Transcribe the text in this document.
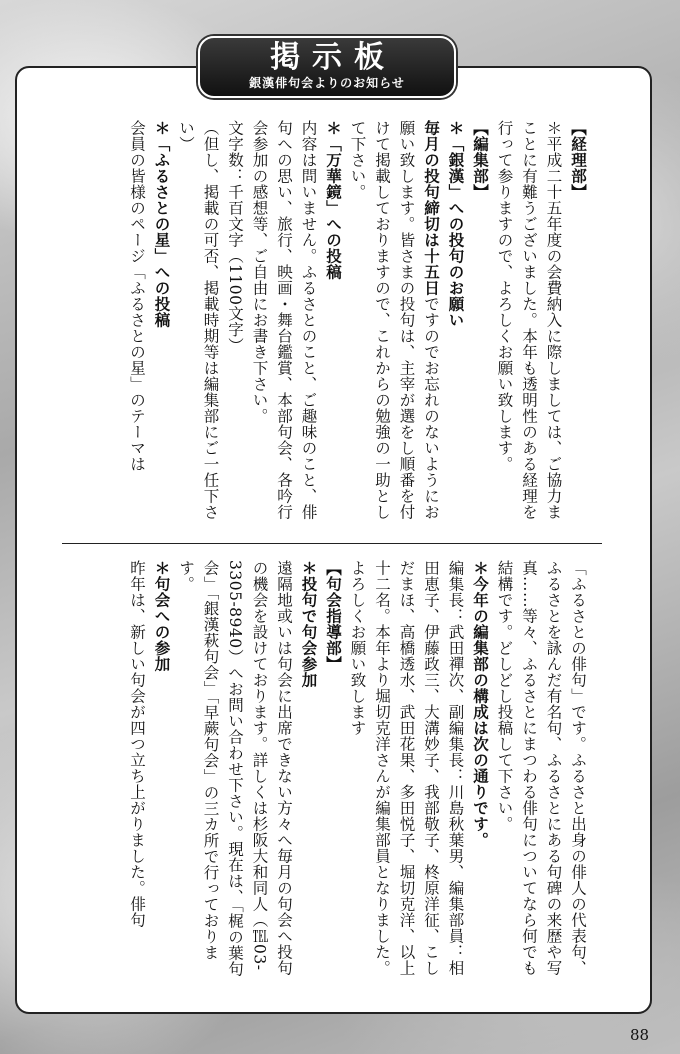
掲示板
銀漢俳句会よりのお知らせ

【経理部】

＊平成二十五年度の会費納入に際しましては、ご協力まことに有難うございました。本年も透明性のある経理を行って参りますので、よろしくお願い致します。

【編集部】

＊「銀漢」への投句のお願い

毎月の投句締切は十五日ですのでお忘れのないようにお願い致します。皆さまの投句は、主宰が選をし順番を付けて掲載しておりますので、これからの勉強の一助として下さい。

＊「万華鏡」への投稿

内容は問いません。ふるさとのこと、ご趣味のこと、俳句への思い、旅行、映画・舞台鑑賞、本部句会、各吟行会参加の感想等、ご自由にお書き下さい。

文字数：千百文字（1100文字）

（但し、掲載の可否、掲載時期等は編集部にご一任下さい）

＊「ふるさとの星」への投稿

会員の皆様のページ「ふるさとの星」のテーマは

「ふるさとの俳句」です。ふるさと出身の俳人の代表句、ふるさとを詠んだ有名句、ふるさとにある句碑の来歴や写真……等々、ふるさとにまつわる俳句についてなら何でも結構です。どしどし投稿して下さい。

＊今年の編集部の構成は次の通りです。

編集長：武田禪次、副編集長：川島秋葉男、編集部員：相田恵子、伊藤政三、大溝妙子、我部敬子、柊原洋征、こしだまほ、高橋透水、武田花果、多田悦子、堀切克洋、以上十二名。本年より堀切克洋さんが編集部員となりました。よろしくお願い致します

【句会指導部】

＊投句で句会参加

遠隔地或いは句会に出席できない方々へ毎月の句会へ投句の機会を設けております。詳しくは杉阪大和同人（℡03-3305-8940）へお問い合わせ下さい。現在は、「梶の葉句会」「銀漢萩句会」「早蕨句会」の三カ所で行っております。

＊句会への参加

昨年は、新しい句会が四つ立ち上がりました。俳句

88
